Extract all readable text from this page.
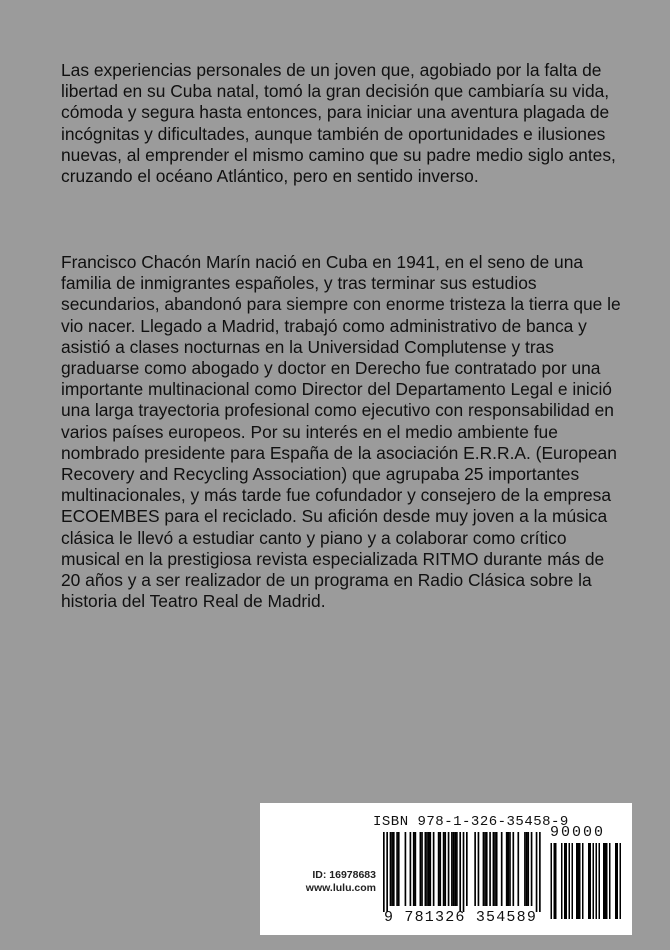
Las experiencias personales de un joven que, agobiado por la falta de libertad en su Cuba natal, tomó la gran decisión que cambiaría su vida, cómoda y segura hasta entonces, para iniciar una aventura plagada de incógnitas y dificultades, aunque también de oportunidades e ilusiones nuevas, al emprender el mismo camino que su padre medio siglo antes, cruzando el océano Atlántico, pero en sentido inverso.

Francisco Chacón Marín nació en Cuba en 1941, en el seno de una familia de inmigrantes españoles, y tras terminar sus estudios secundarios, abandonó para siempre con enorme tristeza la tierra que le vio nacer. Llegado a Madrid, trabajó como administrativo de banca y asistió a clases nocturnas en la Universidad Complutense y tras graduarse como abogado y doctor en Derecho fue contratado por una importante multinacional como Director del Departamento Legal e inició una larga trayectoria profesional como ejecutivo con responsabilidad en varios países europeos. Por su interés en el medio ambiente fue nombrado presidente para España de la asociación E.R.R.A. (European Recovery and Recycling Association) que agrupaba 25 importantes multinacionales, y más tarde fue cofundador y consejero de la empresa ECOEMBES para el reciclado. Su afición desde muy joven a la música clásica le llevó a estudiar canto y piano y a colaborar como crítico musical en la prestigiosa revista especializada RITMO durante más de 20 años y a ser realizador de un programa en Radio Clásica sobre la historia del Teatro Real de Madrid.

ID: 16978683
www.lulu.com
ISBN 978-1-326-35458-9
90000
9 781326 354589
